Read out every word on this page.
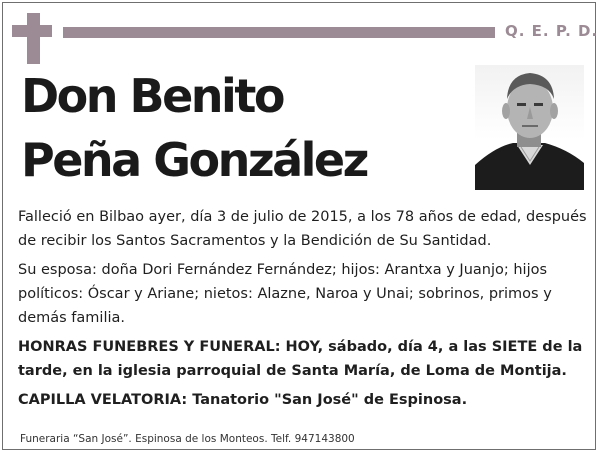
Q. E. P. D.
Don Benito
Peña González

Falleció en Bilbao ayer, día 3 de julio de 2015, a los 78 años de edad, después de recibir los Santos Sacramentos y la Bendición de Su Santidad.

Su esposa: doña Dori Fernández Fernández; hijos: Arantxa y Juanjo; hijos políticos: Óscar y Ariane; nietos: Alazne, Naroa y Unai; sobrinos, primos y demás familia.

HONRAS FUNEBRES Y FUNERAL: HOY, sábado, día 4, a las SIETE de la tarde, en la iglesia parroquial de Santa María, de Loma de Montija.

CAPILLA VELATORIA: Tanatorio "San José" de Espinosa.

Funeraria “San José”. Espinosa de los Monteos. Telf. 947143800
